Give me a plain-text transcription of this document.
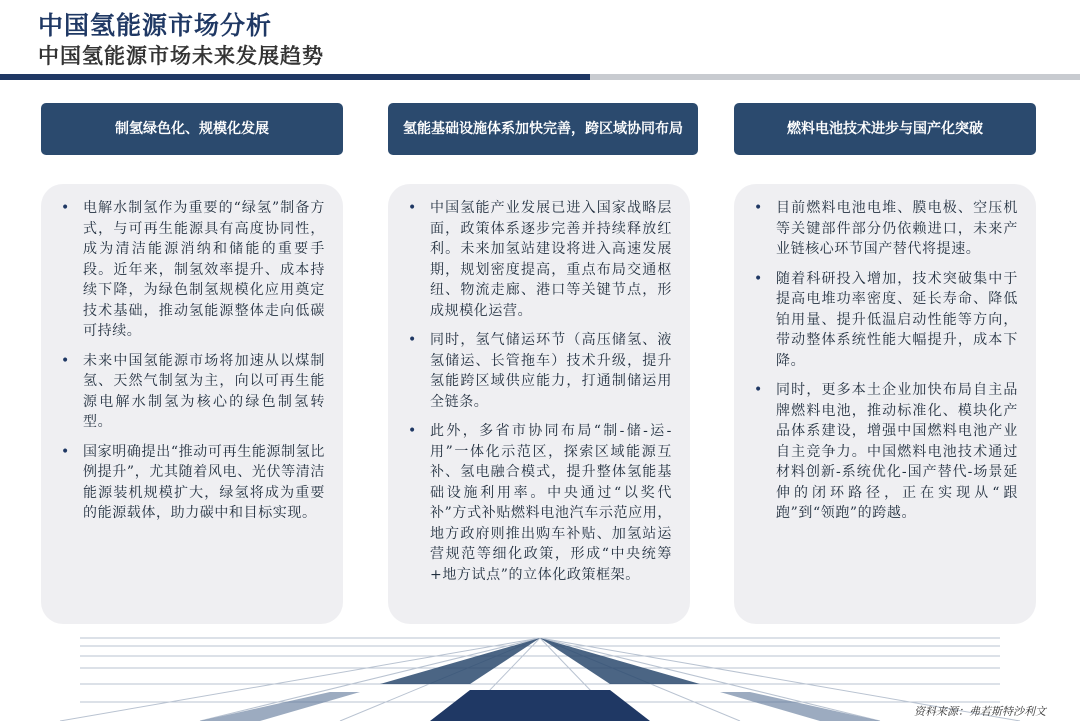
中国氢能源市场分析
中国氢能源市场未来发展趋势
制氢绿色化、规模化发展
• 电解水制氢作为重要的“绿氢”制备方式，与可再生能源具有高度协同性，成为清洁能源消纳和储能的重要手段。近年来，制氢效率提升、成本持续下降，为绿色制氢规模化应用奠定技术基础，推动氢能源整体走向低碳可持续。
• 未来中国氢能源市场将加速从以煤制氢、天然气制氢为主，向以可再生能源电解水制氢为核心的绿色制氢转型。
• 国家明确提出“推动可再生能源制氢比例提升”，尤其随着风电、光伏等清洁能源装机规模扩大，绿氢将成为重要的能源载体，助力碳中和目标实现。
氢能基础设施体系加快完善，跨区域协同布局
• 中国氢能产业发展已进入国家战略层面，政策体系逐步完善并持续释放红利。未来加氢站建设将进入高速发展期，规划密度提高，重点布局交通枢纽、物流走廊、港口等关键节点，形成规模化运营。
• 同时，氢气储运环节（高压储氢、液氢储运、长管拖车）技术升级，提升氢能跨区域供应能力，打通制储运用全链条。
• 此外，多省市协同布局“制-储-运-用”一体化示范区，探索区域能源互补、氢电融合模式，提升整体氢能基础设施利用率。中央通过“以奖代补”方式补贴燃料电池汽车示范应用，地方政府则推出购车补贴、加氢站运营规范等细化政策，形成“中央统筹+地方试点”的立体化政策框架。
燃料电池技术进步与国产化突破
• 目前燃料电池电堆、膜电极、空压机等关键部件部分仍依赖进口，未来产业链核心环节国产替代将提速。
• 随着科研投入增加，技术突破集中于提高电堆功率密度、延长寿命、降低铂用量、提升低温启动性能等方向，带动整体系统性能大幅提升，成本下降。
• 同时，更多本土企业加快布局自主品牌燃料电池，推动标准化、模块化产品体系建设，增强中国燃料电池产业自主竞争力。中国燃料电池技术通过材料创新-系统优化-国产替代-场景延伸的闭环路径，正在实现从“跟跑”到“领跑”的跨越。
资料来源：弗若斯特沙利文
